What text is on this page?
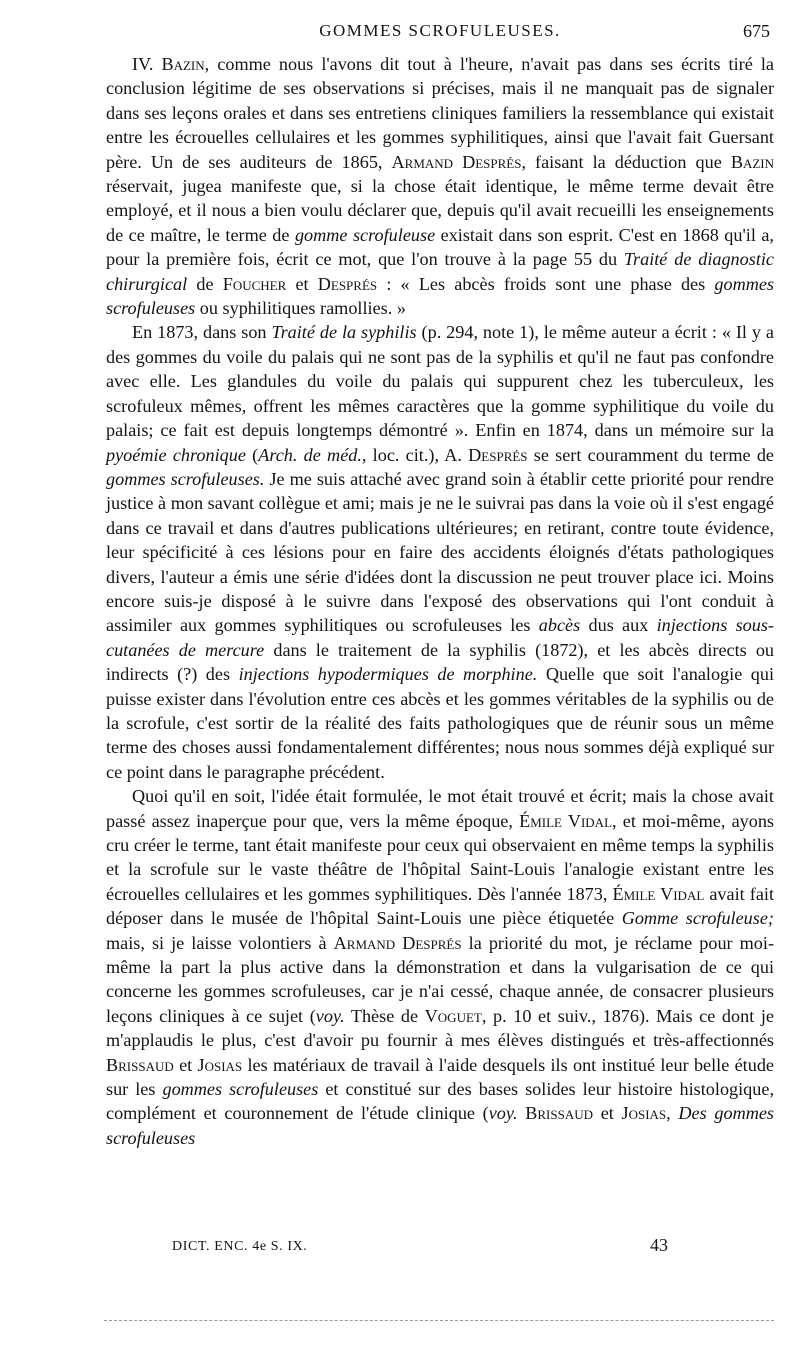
GOMMES SCROFULEUSES.	675

IV. Bazin, comme nous l'avons dit tout à l'heure, n'avait pas dans ses écrits tiré la conclusion légitime de ses observations si précises, mais il ne manquait pas de signaler dans ses leçons orales et dans ses entretiens cliniques familiers la ressemblance qui existait entre les écrouelles cellulaires et les gommes syphilitiques, ainsi que l'avait fait Guersant père. Un de ses auditeurs de 1865, Armand Després, faisant la déduction que Bazin réservait, jugea manifeste que, si la chose était identique, le même terme devait être employé, et il nous a bien voulu déclarer que, depuis qu'il avait recueilli les enseignements de ce maître, le terme de gomme scrofuleuse existait dans son esprit. C'est en 1868 qu'il a, pour la première fois, écrit ce mot, que l'on trouve à la page 55 du Traité de diagnostic chirurgical de Foucher et Després : « Les abcès froids sont une phase des gommes scrofuleuses ou syphilitiques ramollies. »

En 1873, dans son Traité de la syphilis (p. 294, note 1), le même auteur a écrit : « Il y a des gommes du voile du palais qui ne sont pas de la syphilis et qu'il ne faut pas confondre avec elle. Les glandules du voile du palais qui suppurent chez les tuberculeux, les scrofuleux mêmes, offrent les mêmes caractères que la gomme syphilitique du voile du palais; ce fait est depuis longtemps démontré ». Enfin en 1874, dans un mémoire sur la pyoémie chronique (Arch. de méd., loc. cit.), A. Després se sert couramment du terme de gommes scrofuleuses. Je me suis attaché avec grand soin à établir cette priorité pour rendre justice à mon savant collègue et ami; mais je ne le suivrai pas dans la voie où il s'est engagé dans ce travail et dans d'autres publications ultérieures; en retirant, contre toute évidence, leur spécificité à ces lésions pour en faire des accidents éloignés d'états pathologiques divers, l'auteur a émis une série d'idées dont la discussion ne peut trouver place ici. Moins encore suis-je disposé à le suivre dans l'exposé des observations qui l'ont conduit à assimiler aux gommes syphilitiques ou scrofuleuses les abcès dus aux injections sous-cutanées de mercure dans le traitement de la syphilis (1872), et les abcès directs ou indirects (?) des injections hypodermiques de morphine. Quelle que soit l'analogie qui puisse exister dans l'évolution entre ces abcès et les gommes véritables de la syphilis ou de la scrofule, c'est sortir de la réalité des faits pathologiques que de réunir sous un même terme des choses aussi fondamentalement différentes; nous nous sommes déjà expliqué sur ce point dans le paragraphe précédent.

Quoi qu'il en soit, l'idée était formulée, le mot était trouvé et écrit; mais la chose avait passé assez inaperçue pour que, vers la même époque, Émile Vidal, et moi-même, ayons cru créer le terme, tant était manifeste pour ceux qui observaient en même temps la syphilis et la scrofule sur le vaste théâtre de l'hôpital Saint-Louis l'analogie existant entre les écrouelles cellulaires et les gommes syphilitiques. Dès l'année 1873, Émile Vidal avait fait déposer dans le musée de l'hôpital Saint-Louis une pièce étiquetée Gomme scrofuleuse; mais, si je laisse volontiers à Armand Després la priorité du mot, je réclame pour moi-même la part la plus active dans la démonstration et dans la vulgarisation de ce qui concerne les gommes scrofuleuses, car je n'ai cessé, chaque année, de consacrer plusieurs leçons cliniques à ce sujet (voy. Thèse de Voguet, p. 10 et suiv., 1876). Mais ce dont je m'applaudis le plus, c'est d'avoir pu fournir à mes élèves distingués et très-affectionnés Brissaud et Josias les matériaux de travail à l'aide desquels ils ont institué leur belle étude sur les gommes scrofuleuses et constitué sur des bases solides leur histoire histologique, complément et couronnement de l'étude clinique (voy. Brissaud et Josias, Des gommes scrofuleuses

DICT. ENC. 4e S. IX.	43
